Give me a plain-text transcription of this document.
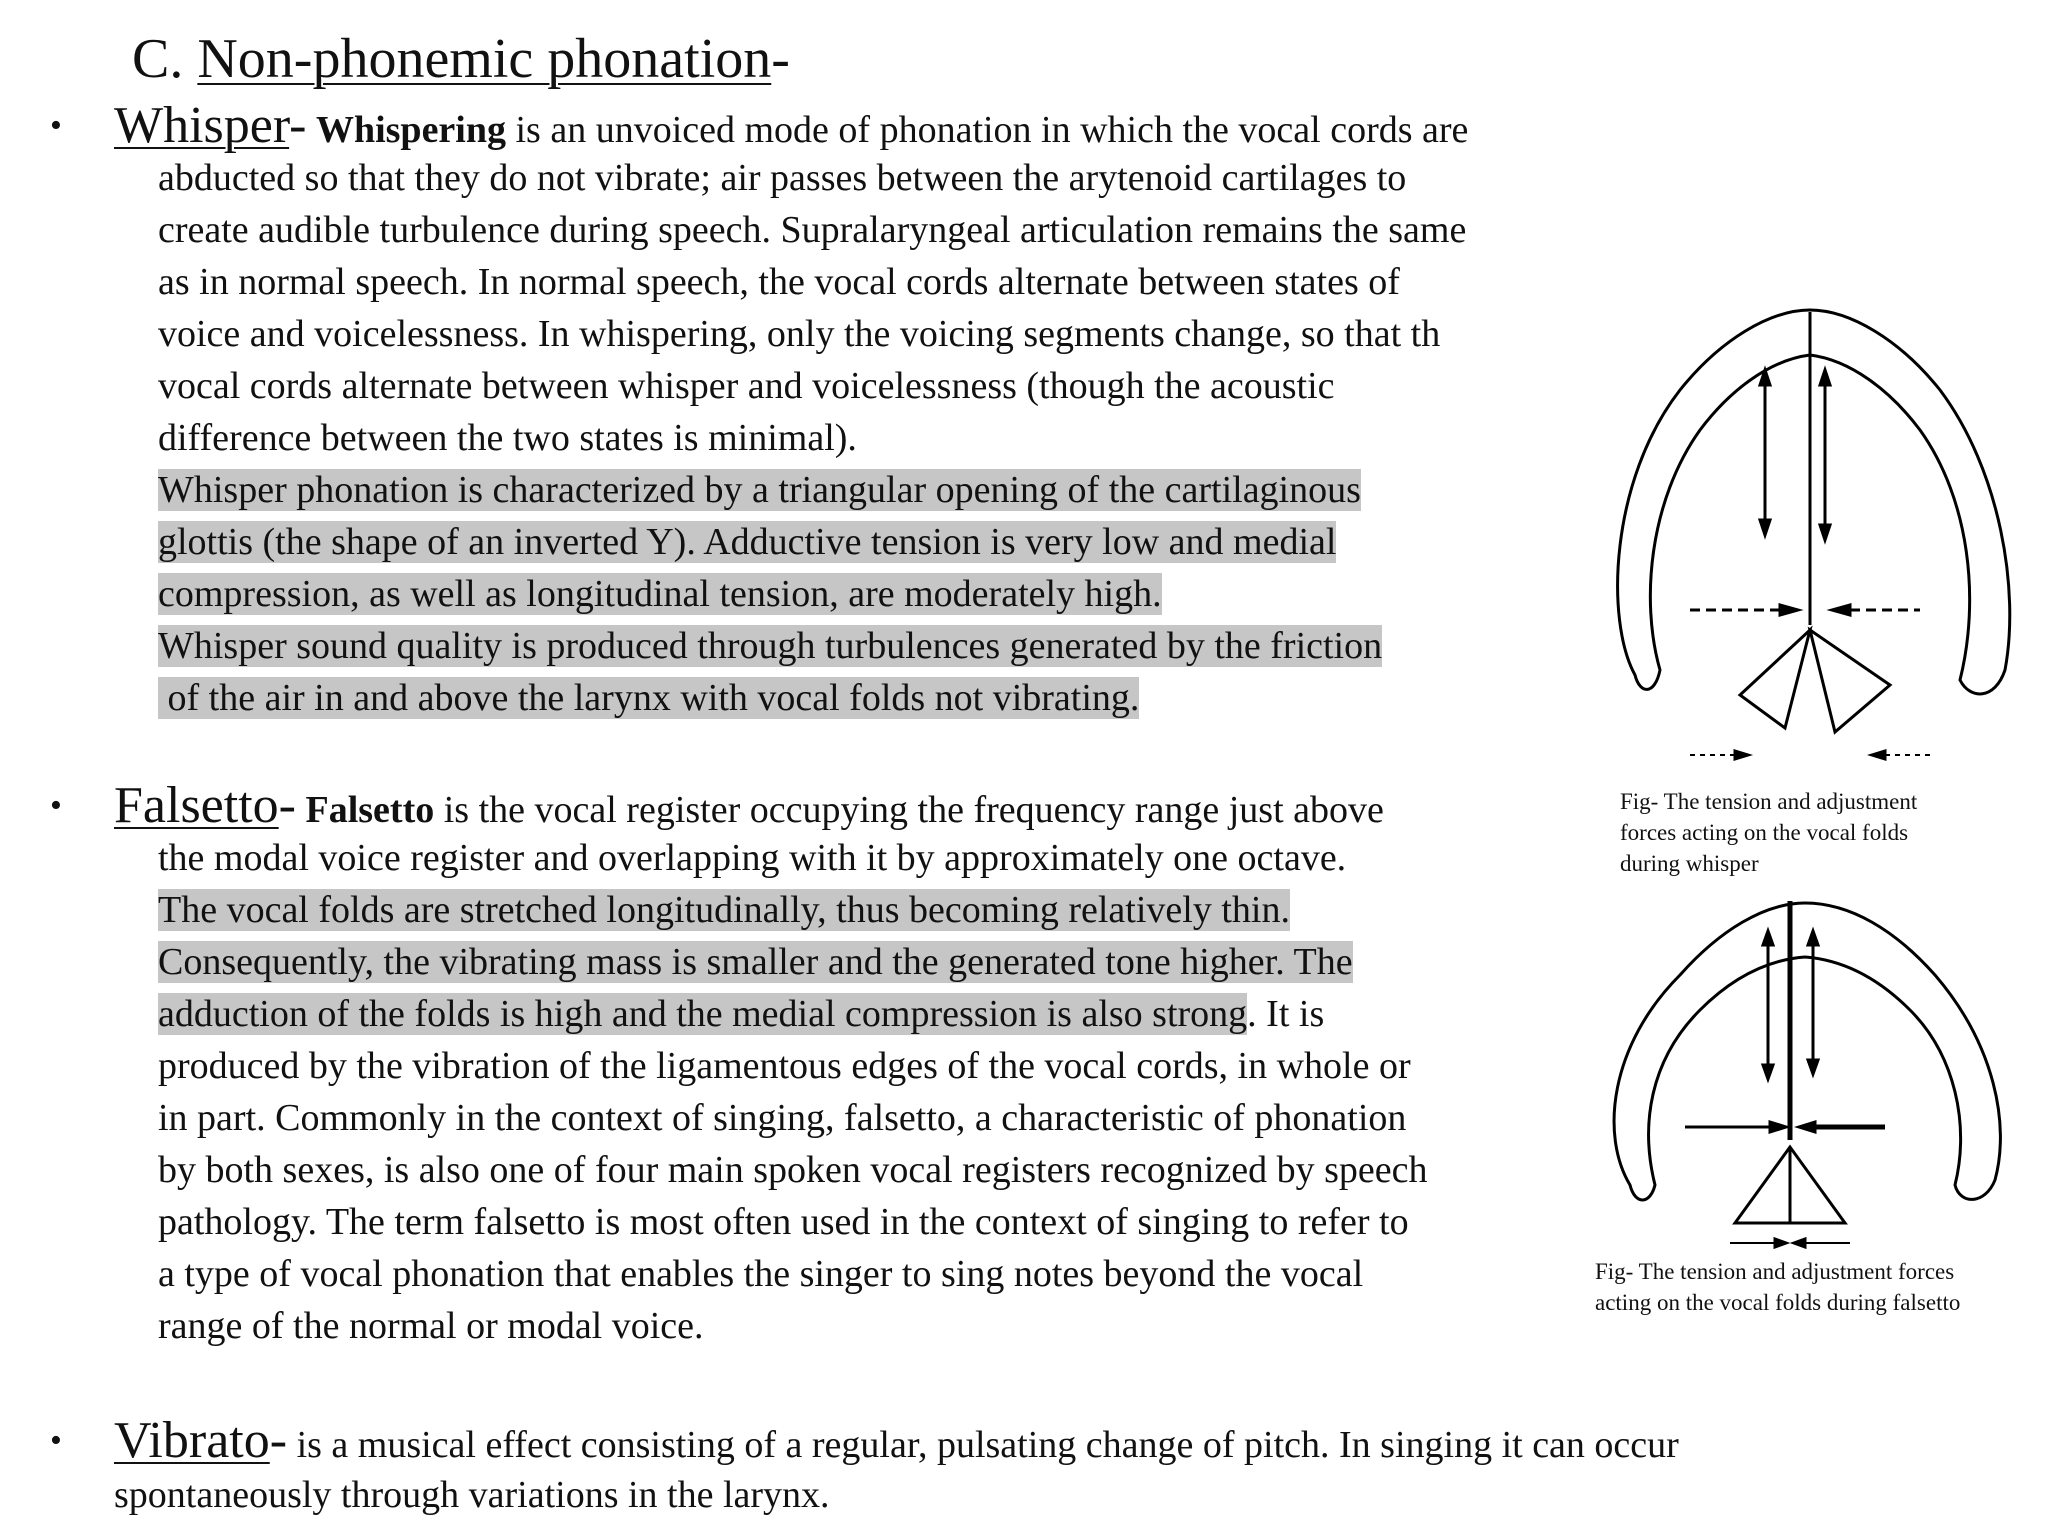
C. Non-phonemic phonation-
• Whisper- Whispering is an unvoiced mode of phonation in which the vocal cords are
abducted so that they do not vibrate; air passes between the arytenoid cartilages to
create audible turbulence during speech. Supralaryngeal articulation remains the same
as in normal speech. In normal speech, the vocal cords alternate between states of
voice and voicelessness. In whispering, only the voicing segments change, so that th
vocal cords alternate between whisper and voicelessness (though the acoustic
difference between the two states is minimal).
Whisper phonation is characterized by a triangular opening of the cartilaginous
glottis (the shape of an inverted Y). Adductive tension is very low and medial
compression, as well as longitudinal tension, are moderately high.
Whisper sound quality is produced through turbulences generated by the friction
of the air in and above the larynx with vocal folds not vibrating.
• Falsetto- Falsetto is the vocal register occupying the frequency range just above
the modal voice register and overlapping with it by approximately one octave.
The vocal folds are stretched longitudinally, thus becoming relatively thin.
Consequently, the vibrating mass is smaller and the generated tone higher. The
adduction of the folds is high and the medial compression is also strong. It is
produced by the vibration of the ligamentous edges of the vocal cords, in whole or
in part. Commonly in the context of singing, falsetto, a characteristic of phonation
by both sexes, is also one of four main spoken vocal registers recognized by speech
pathology. The term falsetto is most often used in the context of singing to refer to
a type of vocal phonation that enables the singer to sing notes beyond the vocal
range of the normal or modal voice.
• Vibrato- is a musical effect consisting of a regular, pulsating change of pitch. In singing it can occur
spontaneously through variations in the larynx.
Fig- The tension and adjustment
forces acting on the vocal folds
during whisper
Fig- The tension and adjustment forces
acting on the vocal folds during falsetto
